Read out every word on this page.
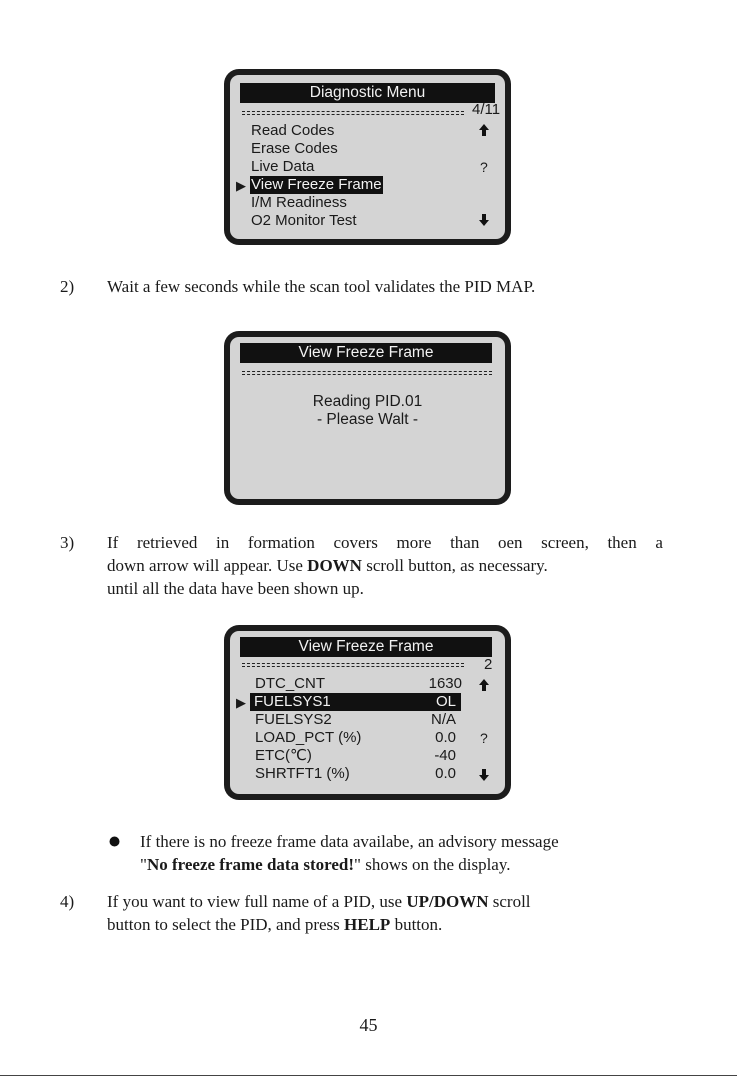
Diagnostic Menu
4/11
▶
Read Codes
Erase Codes
Live Data
View Freeze Frame
I/M Readiness
O2 Monitor Test
?
2) Wait a few seconds while the scan tool validates the PID MAP.
View Freeze Frame
Reading PID.01
- Please Walt -
3) If retrieved in formation covers more than oen screen, then a
down arrow will appear. Use DOWN scroll button, as necessary.
until all the data have been shown up.
View Freeze Frame
2
▶
DTC_CNT
FUELSYS1
FUELSYS2
LOAD_PCT (%)
ETC(℃)
SHRTFT1 (%)
1630
OL
N/A
0.0
-40
0.0
?
If there is no freeze frame data availabe, an advisory message
"No freeze frame data stored!" shows on the display.
4) If you want to view full name of a PID, use UP/DOWN scroll
button to select the PID, and press HELP button.
45
